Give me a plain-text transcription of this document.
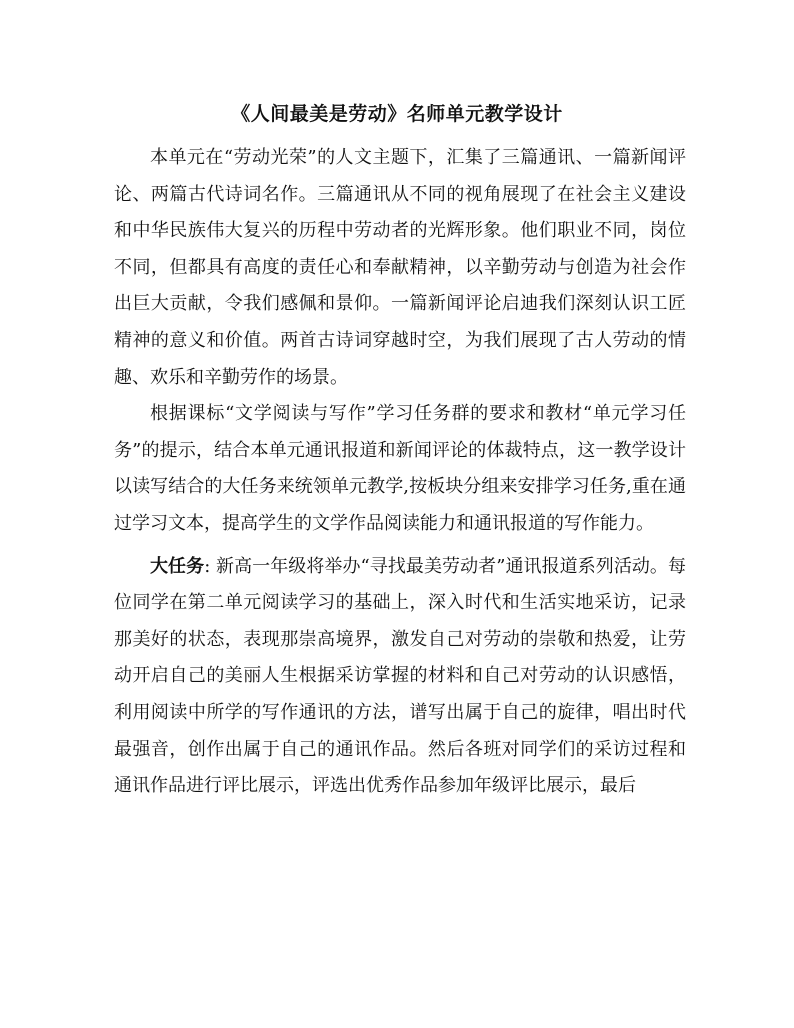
《人间最美是劳动》名师单元教学设计

本单元在“劳动光荣”的人文主题下，汇集了三篇通讯、一篇新闻评论、两篇古代诗词名作。三篇通讯从不同的视角展现了在社会主义建设和中华民族伟大复兴的历程中劳动者的光辉形象。他们职业不同，岗位不同，但都具有高度的责任心和奉献精神，以辛勤劳动与创造为社会作出巨大贡献，令我们感佩和景仰。一篇新闻评论启迪我们深刻认识工匠精神的意义和价值。两首古诗词穿越时空，为我们展现了古人劳动的情趣、欢乐和辛勤劳作的场景。

根据课标“文学阅读与写作”学习任务群的要求和教材“单元学习任务”的提示，结合本单元通讯报道和新闻评论的体裁特点，这一教学设计以读写结合的大任务来统领单元教学,按板块分组来安排学习任务,重在通过学习文本，提高学生的文学作品阅读能力和通讯报道的写作能力。

大任务: 新高一年级将举办“寻找最美劳动者”通讯报道系列活动。每位同学在第二单元阅读学习的基础上，深入时代和生活实地采访，记录那美好的状态，表现那崇高境界，激发自己对劳动的崇敬和热爱，让劳动开启自己的美丽人生根据采访掌握的材料和自己对劳动的认识感悟，利用阅读中所学的写作通讯的方法，谱写出属于自己的旋律，唱出时代最强音，创作出属于自己的通讯作品。然后各班对同学们的采访过程和通讯作品进行评比展示，评选出优秀作品参加年级评比展示，最后
